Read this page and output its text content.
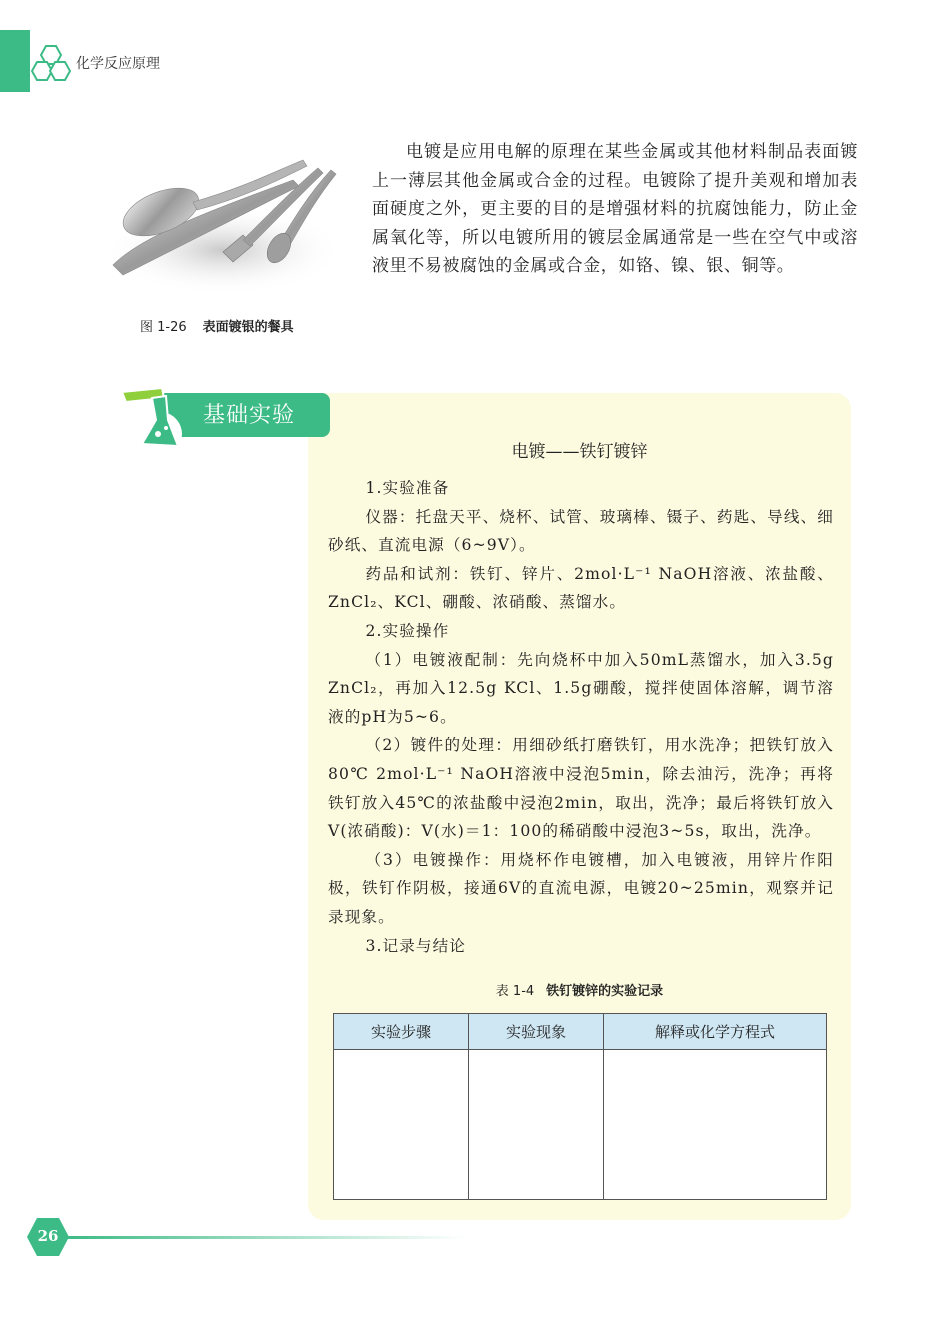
化学反应原理
图 1-26 表面镀银的餐具
电镀是应用电解的原理在某些金属或其他材料制品表面镀上一薄层其他金属或合金的过程。电镀除了提升美观和增加表面硬度之外，更主要的目的是增强材料的抗腐蚀能力，防止金属氧化等，所以电镀所用的镀层金属通常是一些在空气中或溶液里不易被腐蚀的金属或合金，如铬、镍、银、铜等。
基础实验
电镀——铁钉镀锌

1.实验准备

仪器：托盘天平、烧杯、试管、玻璃棒、镊子、药匙、导线、细砂纸、直流电源（6~9V）。

药品和试剂：铁钉、锌片、2mol·L⁻¹ NaOH溶液、浓盐酸、ZnCl₂、KCl、硼酸、浓硝酸、蒸馏水。

2.实验操作

（1）电镀液配制：先向烧杯中加入50mL蒸馏水，加入3.5g ZnCl₂，再加入12.5g KCl、1.5g硼酸，搅拌使固体溶解，调节溶液的pH为5~6。

（2）镀件的处理：用细砂纸打磨铁钉，用水洗净；把铁钉放入80℃ 2mol·L⁻¹ NaOH溶液中浸泡5min，除去油污，洗净；再将铁钉放入45℃的浓盐酸中浸泡2min，取出，洗净；最后将铁钉放入V(浓硝酸)：V(水)＝1：100的稀硝酸中浸泡3~5s，取出，洗净。

（3）电镀操作：用烧杯作电镀槽，加入电镀液，用锌片作阳极，铁钉作阴极，接通6V的直流电源，电镀20~25min，观察并记录现象。

3.记录与结论

表 1-4 铁钉镀锌的实验记录
实验步骤	实验现象	解释或化学方程式

26
